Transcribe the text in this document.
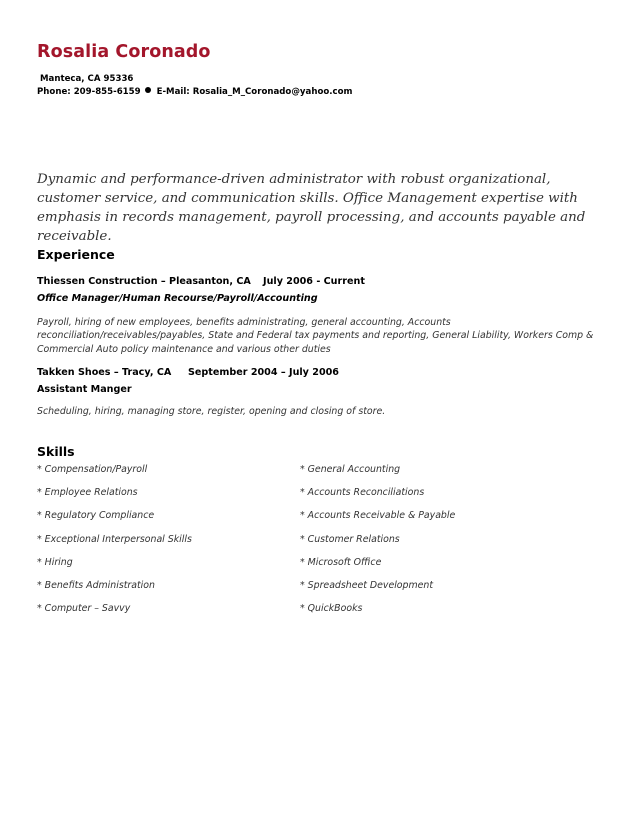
Rosalia Coronado
Manteca, CA 95336
Phone: 209-855-6159 E-Mail: Rosalia_M_Coronado@yahoo.com

Dynamic and performance-driven administrator with robust organizational, customer service, and communication skills. Office Management expertise with emphasis in records management, payroll processing, and accounts payable and receivable.

Experience
Thiessen Construction – Pleasanton, CA July 2006 - Current
Office Manager/Human Recourse/Payroll/Accounting

Payroll, hiring of new employees, benefits administrating, general accounting, Accounts reconciliation/receivables/payables, State and Federal tax payments and reporting, General Liability, Workers Comp & Commercial Auto policy maintenance and various other duties

Takken Shoes – Tracy, CA September 2004 – July 2006
Assistant Manger

Scheduling, hiring, managing store, register, opening and closing of store.

Skills
* Compensation/Payroll	* General Accounting
* Employee Relations	* Accounts Reconciliations
* Regulatory Compliance	* Accounts Receivable & Payable
* Exceptional Interpersonal Skills	* Customer Relations
* Hiring	* Microsoft Office
* Benefits Administration	* Spreadsheet Development
* Computer – Savvy	* QuickBooks
